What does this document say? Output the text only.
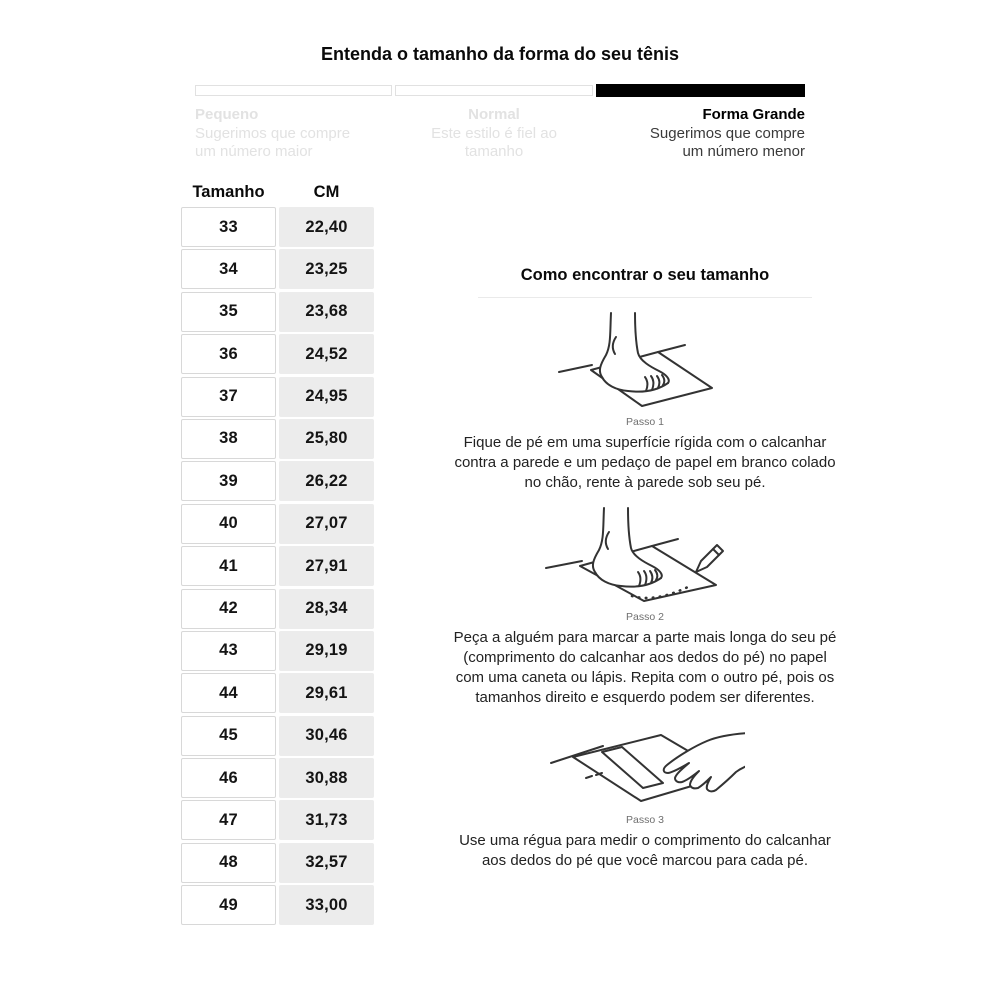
Entenda o tamanho da forma do seu tênis
Pequeno
Sugerimos que compre um número maior
Normal
Este estilo é fiel ao tamanho
Forma Grande
Sugerimos que compre um número menor
Tamanho	CM
33	22,40
34	23,25
35	23,68
36	24,52
37	24,95
38	25,80
39	26,22
40	27,07
41	27,91
42	28,34
43	29,19
44	29,61
45	30,46
46	30,88
47	31,73
48	32,57
49	33,00
Como encontrar o seu tamanho
Passo 1

Fique de pé em uma superfície rígida com o calcanhar contra a parede e um pedaço de papel em branco colado no chão, rente à parede sob seu pé.

Passo 2

Peça a alguém para marcar a parte mais longa do seu pé (comprimento do calcanhar aos dedos do pé) no papel com uma caneta ou lápis. Repita com o outro pé, pois os tamanhos direito e esquerdo podem ser diferentes.

Passo 3

Use uma régua para medir o comprimento do calcanhar aos dedos do pé que você marcou para cada pé.
